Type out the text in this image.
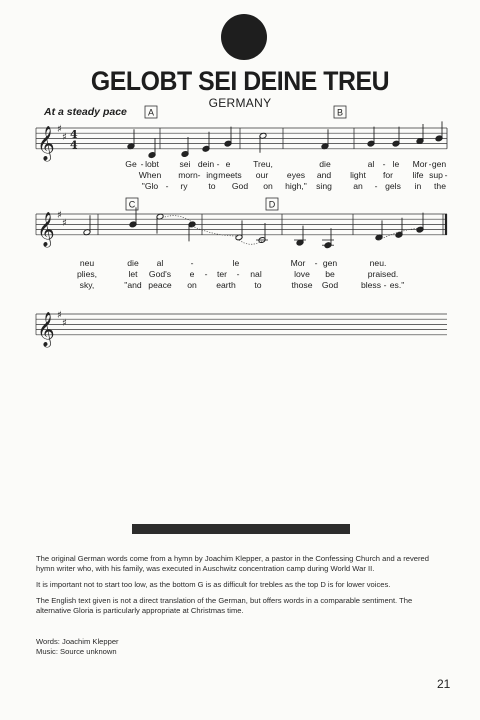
GELOBT SEI DEINE TREU
GERMANY
At a steady pace
𝄞 ♯
♯ 4
4
𝄞 ♯
♯
𝄞 ♯
♯
A	B
C	D
Ge - lobt sei dein - e	Treu,	die	al - le Mor - gen
When morn - ing meets our eyes and light for life sup -
"Glo - ry to God on high," sing an - gels in the
neu	die al	-	le	Mor - gen	neu.
plies,	let God's e - ter - nal	love be	praised.
sky,	"and peace on earth to	those God	bless - es."

The original German words come from a hymn by Joachim Klepper, a pastor in the Confessing Church and a revered hymn writer who, with his family, was executed in Auschwitz concentration camp during World War II.

It is important not to start too low, as the bottom G is as difficult for trebles as the top D is for lower voices.

The English text given is not a direct translation of the German, but offers words in a comparable sentiment. The alternative Gloria is particularly appropriate at Christmas time.

Words: Joachim Klepper
Music: Source unknown
21
